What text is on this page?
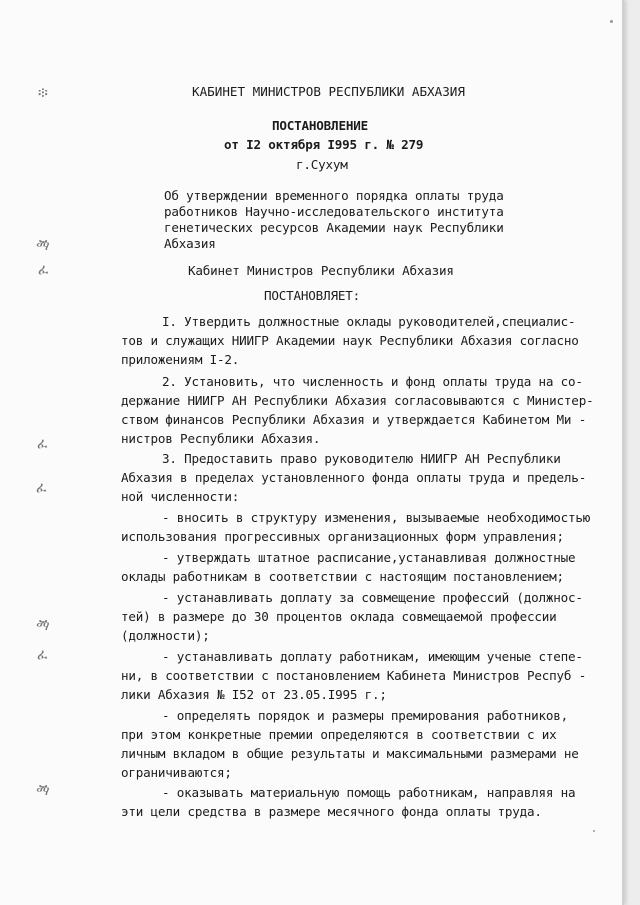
КАБИНЕТ МИНИСТРОВ РЕСПУБЛИКИ АБХАЗИЯ
ПОСТАНОВЛЕНИЕ
от I2 октября I995 г. № 279
г.Сухум
Об утверждении временного порядка оплаты труда
работников Научно-исследовательского института
генетических ресурсов Академии наук Республики
Абхазия
Кабинет Министров Республики Абхазия
ПОСТАНОВЛЯЕТ:
I. Утвердить должностные оклады руководителей,специалис-
тов и служащих НИИГР Академии наук Республики Абхазия согласно
приложениям I-2.
2. Установить, что численность и фонд оплаты труда на со-
держание НИИГР АН Республики Абхазия согласовываются с Министер-
ством финансов Республики Абхазия и утверждается Кабинетом Ми -
нистров Республики Абхазия.
3. Предоставить право руководителю НИИГР АН Республики
Абхазия в пределах установленного фонда оплаты труда и предель-
ной численности:
- вносить в структуру изменения, вызываемые необходимостью
использования прогрессивных организационных форм управления;
- утверждать штатное расписание,устанавливая должностные
оклады работникам в соответствии с настоящим постановлением;
- устанавливать доплату за совмещение профессий (должнос-
тей) в размере до 30 процентов оклада совмещаемой профессии
(должности);
- устанавливать доплату работникам, имеющим ученые степе-
ни, в соответствии с постановлением Кабинета Министров Респуб -
лики Абхазия № I52 от 23.05.I995 г.;
- определять порядок и размеры премирования работников,
при этом конкретные премии определяются в соответствии с их
личным вкладом в общие результаты и максимальными размерами не
ограничиваются;
- оказывать материальную помощь работникам, направляя на
эти цели средства в размере месячного фонда оплаты труда.
፨
ፙ
ፈ
ፈ
ፈ
ፙ
ፈ
ፙ
